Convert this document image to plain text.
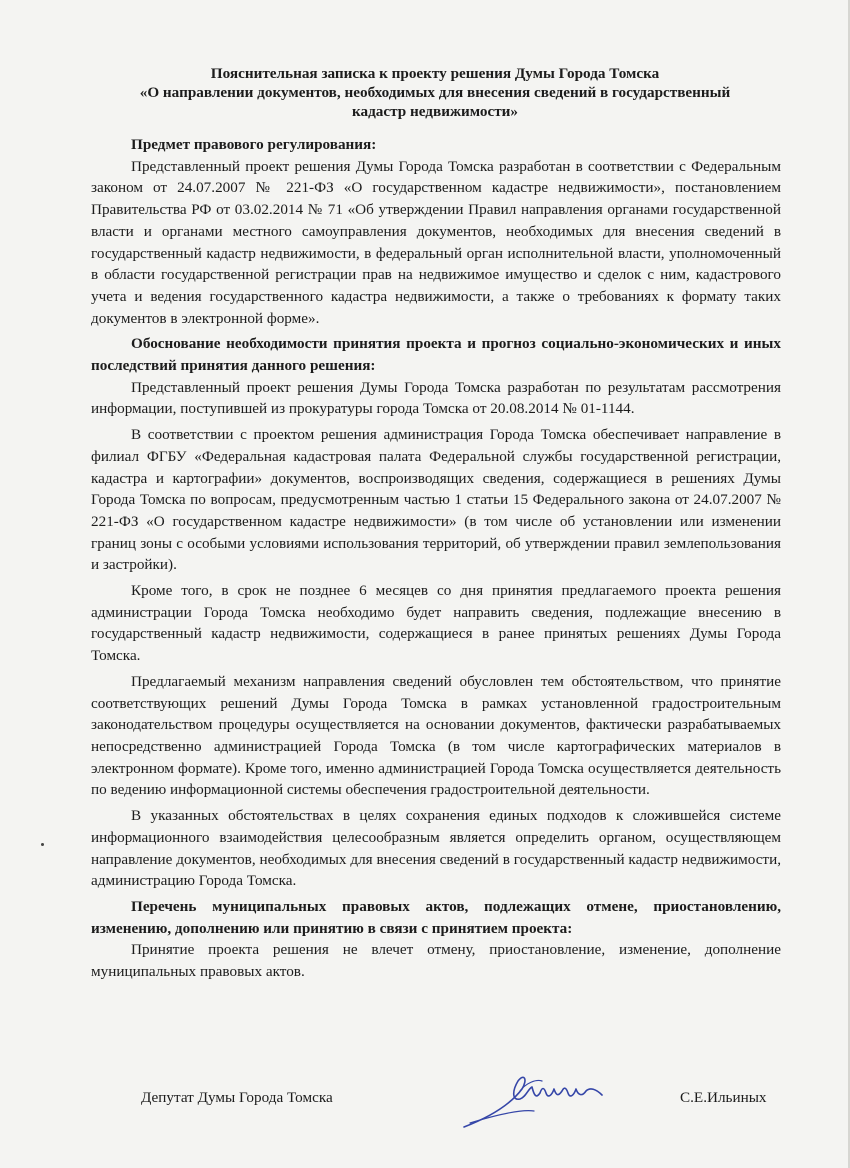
Пояснительная записка к проекту решения Думы Города Томска
«О направлении документов, необходимых для внесения сведений в государственный
кадастр недвижимости»
Предмет правового регулирования:

Представленный проект решения Думы Города Томска разработан в соответствии с Федеральным законом от 24.07.2007 № 221-ФЗ «О государственном кадастре недвижимости», постановлением Правительства РФ от 03.02.2014 № 71 «Об утверждении Правил направления органами государственной власти и органами местного самоуправления документов, необходимых для внесения сведений в государственный кадастр недвижимости, в федеральный орган исполнительной власти, уполномоченный в области государственной регистрации прав на недвижимое имущество и сделок с ним, кадастрового учета и ведения государственного кадастра недвижимости, а также о требованиях к формату таких документов в электронной форме».

Обоснование необходимости принятия проекта и прогноз социально-экономических и иных последствий принятия данного решения:

Представленный проект решения Думы Города Томска разработан по результатам рассмотрения информации, поступившей из прокуратуры города Томска от 20.08.2014 № 01-1144.

В соответствии с проектом решения администрация Города Томска обеспечивает направление в филиал ФГБУ «Федеральная кадастровая палата Федеральной службы государственной регистрации, кадастра и картографии» документов, воспроизводящих сведения, содержащиеся в решениях Думы Города Томска по вопросам, предусмотренным частью 1 статьи 15 Федерального закона от 24.07.2007 № 221-ФЗ «О государственном кадастре недвижимости» (в том числе об установлении или изменении границ зоны с особыми условиями использования территорий, об утверждении правил землепользования и застройки).

Кроме того, в срок не позднее 6 месяцев со дня принятия предлагаемого проекта решения администрации Города Томска необходимо будет направить сведения, подлежащие внесению в государственный кадастр недвижимости, содержащиеся в ранее принятых решениях Думы Города Томска.

Предлагаемый механизм направления сведений обусловлен тем обстоятельством, что принятие соответствующих решений Думы Города Томска в рамках установленной градостроительным законодательством процедуры осуществляется на основании документов, фактически разрабатываемых непосредственно администрацией Города Томска (в том числе картографических материалов в электронном формате). Кроме того, именно администрацией Города Томска осуществляется деятельность по ведению информационной системы обеспечения градостроительной деятельности.

В указанных обстоятельствах в целях сохранения единых подходов к сложившейся системе информационного взаимодействия целесообразным является определить органом, осуществляющем направление документов, необходимых для внесения сведений в государственный кадастр недвижимости, администрацию Города Томска.

Перечень муниципальных правовых актов, подлежащих отмене, приостановлению, изменению, дополнению или принятию в связи с принятием проекта:

Принятие проекта решения не влечет отмену, приостановление, изменение, дополнение муниципальных правовых актов.

Депутат Думы Города Томска	С.Е.Ильиных
